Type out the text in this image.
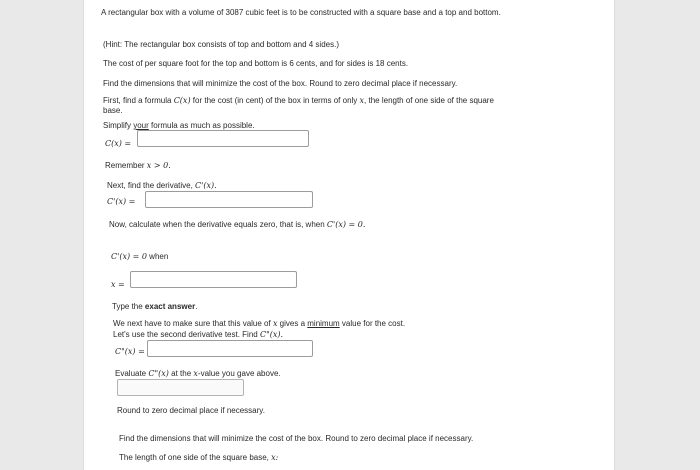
A rectangular box with a volume of 3087 cubic feet is to be constructed with a square base and a top and bottom.
(Hint: The rectangular box consists of top and bottom and 4 sides.)
The cost of per square foot for the top and bottom is 6 cents, and for sides is 18 cents.
Find the dimensions that will minimize the cost of the box. Round to zero decimal place if necessary.
First, find a formula C(x) for the cost (in cent) of the box in terms of only x, the length of one side of the square base.
Simplify your formula as much as possible.
C(x) =
Remember x > 0.
Next, find the derivative, C'(x).
C'(x) =
Now, calculate when the derivative equals zero, that is, when C'(x) = 0.
C'(x) = 0 when
x =
Type the exact answer.
We next have to make sure that this value of x gives a minimum value for the cost.
Let's use the second derivative test. Find C"(x).
C"(x) =
Evaluate C"(x) at the x-value you gave above.
Round to zero decimal place if necessary.
Find the dimensions that will minimize the cost of the box. Round to zero decimal place if necessary.
The length of one side of the square base, x:
